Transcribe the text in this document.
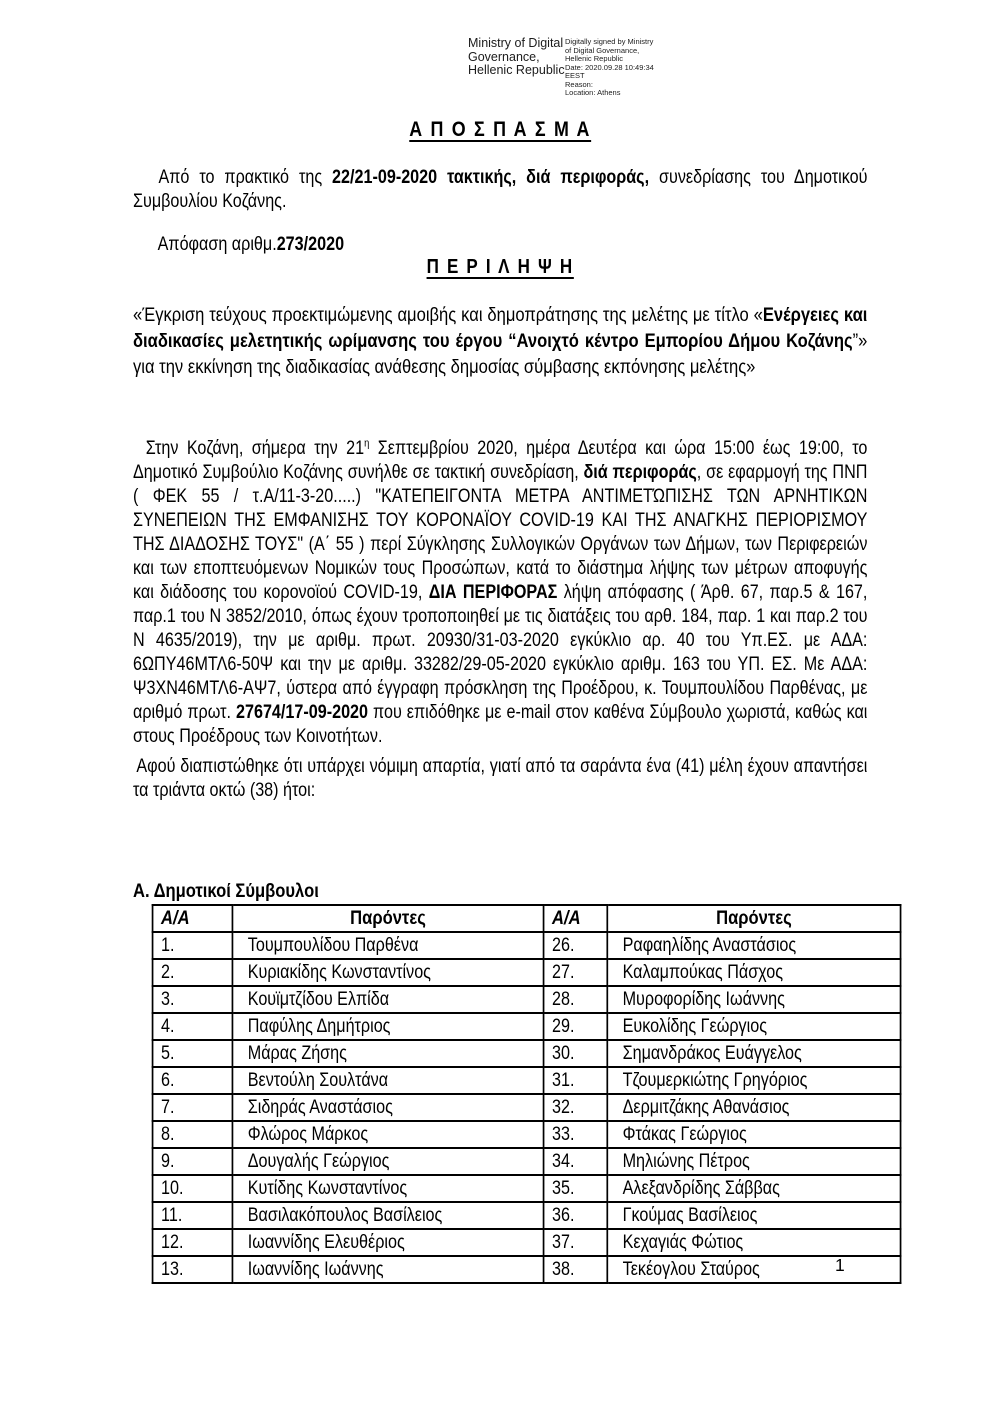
Ministry of Digital
Governance,
Hellenic Republic
Digitally signed by Ministry
of Digital Governance,
Hellenic Republic
Date: 2020.09.28 10:49:34
EEST
Reason:
Location: Athens
Α Π Ο Σ Π Α Σ Μ Α

Από το πρακτικό της 22/21-09-2020 τακτικής, διά περιφοράς, συνεδρίασης του Δημοτικού Συμβουλίου Κοζάνης.

Απόφαση αριθμ.273/2020

Π Ε Ρ Ι Λ Η Ψ Η

«Έγκριση τεύχους προεκτιμώμενης αμοιβής και δημοπράτησης της μελέτης με τίτλο «Ενέργειες και διαδικασίες μελετητικής ωρίμανσης του έργου “Ανοιχτό κέντρο Εμπορίου Δήμου Κοζάνης”» για την εκκίνηση της διαδικασίας ανάθεσης δημοσίας σύμβασης εκπόνησης μελέτης»

Στην Κοζάνη, σήμερα την $21^\eta$ Σεπτεμβρίου 2020, ημέρα Δευτέρα και ώρα 15:00 έως 19:00, το Δημοτικό Συμβούλιο Κοζάνης συνήλθε σε τακτική συνεδρίαση, διά περιφοράς, σε εφαρμογή της ΠΝΠ ( ΦΕΚ 55 / τ.Α/11-3-20.....) "ΚΑΤΕΠΕΙΓΟΝΤΑ ΜΕΤΡΑ ΑΝΤΙΜΕΤΏΠΙΣΗΣ ΤΩΝ ΑΡΝΗΤΙΚΩΝ ΣΥΝΕΠΕΙΩΝ ΤΗΣ ΕΜΦΑΝΙΣΗΣ ΤΟΥ ΚΟΡΟΝΑΪΟΥ COVID-19 ΚΑΙ ΤΗΣ ΑΝΑΓΚΗΣ ΠΕΡΙΟΡΙΣΜΟΥ ΤΗΣ ΔΙΑΔΟΣΗΣ ΤΟΥΣ" (Α΄ 55 ) περί Σύγκλησης Συλλογικών Οργάνων των Δήμων, των Περιφερειών και των εποπτευόμενων Νομικών τους Προσώπων, κατά το διάστημα λήψης των μέτρων αποφυγής και διάδοσης του κορονοϊού COVID-19, ΔΙΑ ΠΕΡΙΦΟΡΑΣ λήψη απόφασης ( Άρθ. 67, παρ.5 & 167, παρ.1 του Ν 3852/2010, όπως έχουν τροποποιηθεί με τις διατάξεις του αρθ. 184, παρ. 1 και παρ.2 του Ν 4635/2019), την με αριθμ. πρωτ. 20930/31-03-2020 εγκύκλιο αρ. 40 του Υπ.ΕΣ. με ΑΔΑ: 6ΩΠΥ46ΜΤΛ6-50Ψ και την με αριθμ. 33282/29-05-2020 εγκύκλιο αριθμ. 163 του ΥΠ. ΕΣ. Με ΑΔΑ: Ψ3ΧΝ46ΜΤΛ6-ΑΨ7, ύστερα από έγγραφη πρόσκληση της Προέδρου, κ. Τουμπουλίδου Παρθένας, με αριθμό πρωτ. 27674/17-09-2020 που επιδόθηκε με e-mail στον καθένα Σύμβουλο χωριστά, καθώς και στους Προέδρους των Κοινοτήτων.

Αφού διαπιστώθηκε ότι υπάρχει νόμιμη απαρτία, γιατί από τα σαράντα ένα (41) μέλη έχουν απαντήσει τα τριάντα οκτώ (38) ήτοι:

Α. Δημοτικοί Σύμβουλοι
Α/Α	Παρόντες	Α/Α	Παρόντες
1.	Τουμπουλίδου Παρθένα	26.	Ραφαηλίδης Αναστάσιος
2.	Κυριακίδης Κωνσταντίνος	27.	Καλαμπούκας Πάσχος
3.	Κουϊμτζίδου Ελπίδα	28.	Μυροφορίδης Ιωάννης
4.	Παφύλης Δημήτριος	29.	Ευκολίδης Γεώργιος
5.	Μάρας Ζήσης	30.	Σημανδράκος Ευάγγελος
6.	Βεντούλη Σουλτάνα	31.	Τζουμερκιώτης Γρηγόριος
7.	Σιδηράς Αναστάσιος	32.	Δερμιτζάκης Αθανάσιος
8.	Φλώρος Μάρκος	33.	Φτάκας Γεώργιος
9.	Δουγαλής Γεώργιος	34.	Μηλιώνης Πέτρος
10.	Κυτίδης Κωνσταντίνος	35.	Αλεξανδρίδης Σάββας
11.	Βασιλακόπουλος Βασίλειος	36.	Γκούμας Βασίλειος
12.	Ιωαννίδης Ελευθέριος	37.	Κεχαγιάς Φώτιος
13.	Ιωαννίδης Ιωάννης	38.	Τεκέογλου Σταύρος	1
